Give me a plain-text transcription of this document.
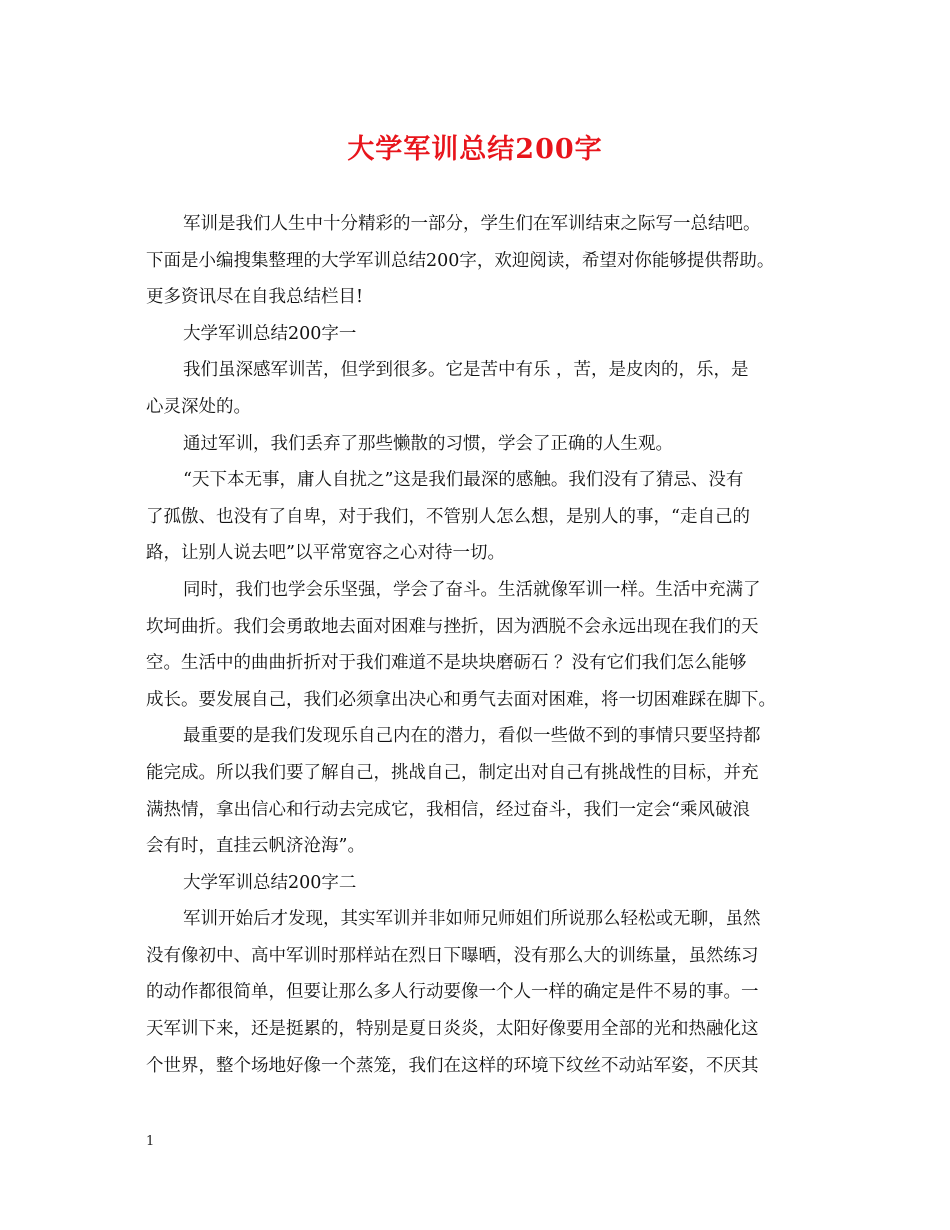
大学军训总结200字

军训是我们人生中十分精彩的一部分，学生们在军训结束之际写一总结吧。

下面是小编搜集整理的大学军训总结200字，欢迎阅读，希望对你能够提供帮助。

更多资讯尽在自我总结栏目!

大学军训总结200字一

我们虽深感军训苦，但学到很多。它是苦中有乐 ，苦，是皮肉的，乐，是

心灵深处的。

通过军训，我们丢弃了那些懒散的习惯，学会了正确的人生观。

“天下本无事，庸人自扰之”这是我们最深的感触。我们没有了猜忌、没有

了孤傲、也没有了自卑，对于我们，不管别人怎么想，是别人的事，“走自己的

路，让别人说去吧”以平常宽容之心对待一切。

同时，我们也学会乐坚强，学会了奋斗。生活就像军训一样。生活中充满了

坎坷曲折。我们会勇敢地去面对困难与挫折，因为洒脱不会永远出现在我们的天

空。生活中的曲曲折折对于我们难道不是块块磨砺石 ？没有它们我们怎么能够

成长。要发展自己，我们必须拿出决心和勇气去面对困难，将一切困难踩在脚下。

最重要的是我们发现乐自己内在的潜力，看似一些做不到的事情只要坚持都

能完成。所以我们要了解自己，挑战自己，制定出对自己有挑战性的目标，并充

满热情，拿出信心和行动去完成它，我相信，经过奋斗，我们一定会“乘风破浪

会有时，直挂云帆济沧海”。

大学军训总结200字二

军训开始后才发现，其实军训并非如师兄师姐们所说那么轻松或无聊，虽然

没有像初中、高中军训时那样站在烈日下曝晒，没有那么大的训练量，虽然练习

的动作都很简单，但要让那么多人行动要像一个人一样的确定是件不易的事。一

天军训下来，还是挺累的，特别是夏日炎炎，太阳好像要用全部的光和热融化这

个世界，整个场地好像一个蒸笼，我们在这样的环境下纹丝不动站军姿，不厌其

1
